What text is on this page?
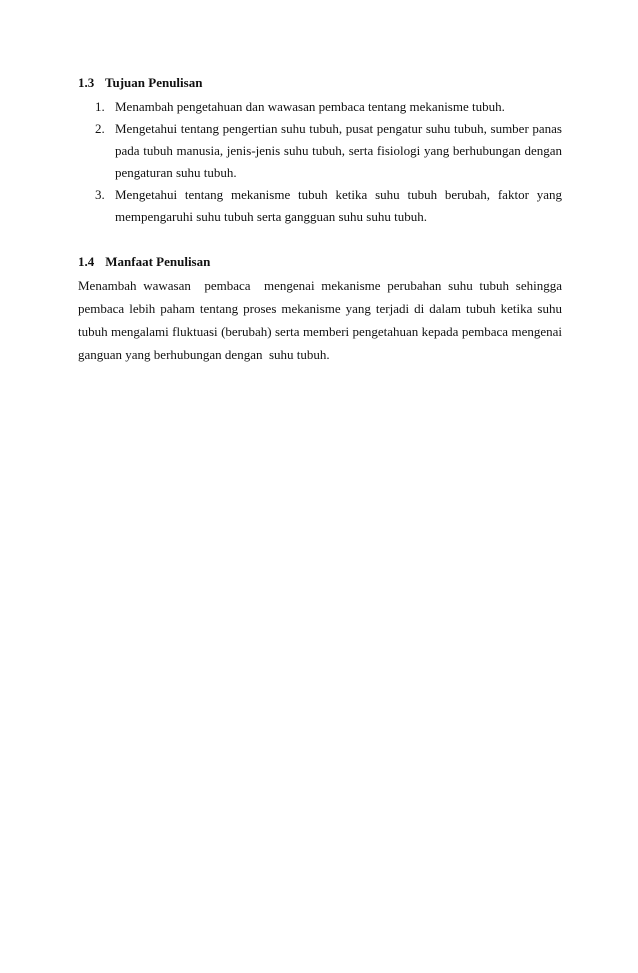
1.3 Tujuan Penulisan
1. Menambah pengetahuan dan wawasan pembaca tentang mekanisme tubuh.
2. Mengetahui tentang pengertian suhu tubuh, pusat pengatur suhu tubuh, sumber panas pada tubuh manusia, jenis-jenis suhu tubuh, serta fisiologi yang berhubungan dengan pengaturan suhu tubuh.
3. Mengetahui tentang mekanisme tubuh ketika suhu tubuh berubah, faktor yang mempengaruhi suhu tubuh serta gangguan suhu suhu tubuh.
1.4 Manfaat Penulisan

Menambah wawasan  pembaca  mengenai mekanisme perubahan suhu tubuh sehingga pembaca lebih paham tentang proses mekanisme yang terjadi di dalam tubuh ketika suhu tubuh mengalami fluktuasi (berubah) serta memberi pengetahuan kepada pembaca mengenai ganguan yang berhubungan dengan  suhu tubuh.
